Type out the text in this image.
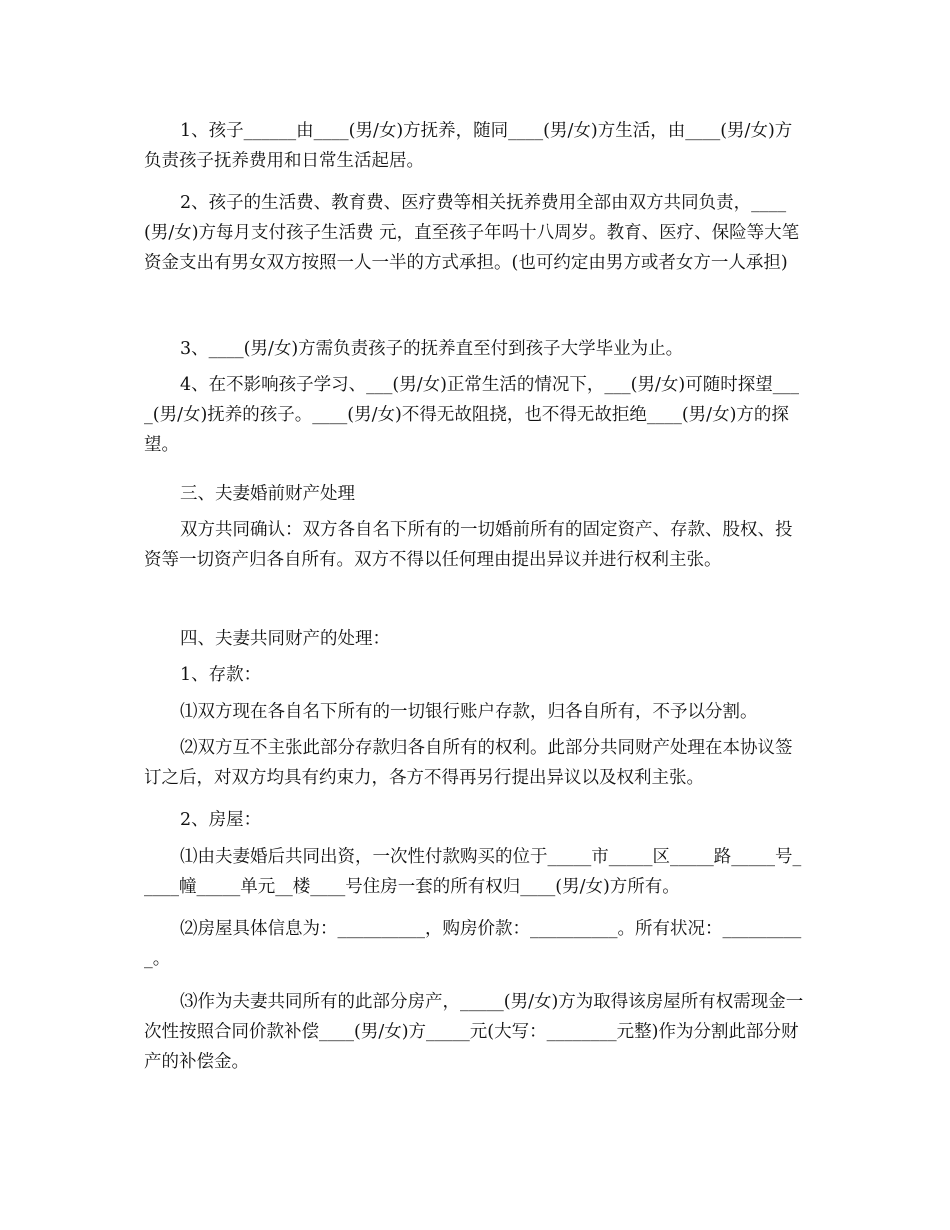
1、孩子______由____(男/女)方抚养，随同____(男/女)方生活，由____(男/女)方负责孩子抚养费用和日常生活起居。

2、孩子的生活费、教育费、医疗费等相关抚养费用全部由双方共同负责，____(男/女)方每月支付孩子生活费 元，直至孩子年吗十八周岁。教育、医疗、保险等大笔资金支出有男女双方按照一人一半的方式承担。(也可约定由男方或者女方一人承担)

3、____(男/女)方需负责孩子的抚养直至付到孩子大学毕业为止。

4、在不影响孩子学习、___(男/女)正常生活的情况下，___(男/女)可随时探望____(男/女)抚养的孩子。____(男/女)不得无故阻挠，也不得无故拒绝____(男/女)方的探望。

三、夫妻婚前财产处理

双方共同确认：双方各自名下所有的一切婚前所有的固定资产、存款、股权、投资等一切资产归各自所有。双方不得以任何理由提出异议并进行权利主张。

四、夫妻共同财产的处理：

1、存款：

⑴双方现在各自名下所有的一切银行账户存款，归各自所有，不予以分割。

⑵双方互不主张此部分存款归各自所有的权利。此部分共同财产处理在本协议签订之后，对双方均具有约束力，各方不得再另行提出异议以及权利主张。

2、房屋：

⑴由夫妻婚后共同出资，一次性付款购买的位于_____市_____区_____路_____号_____幢_____单元__楼____号住房一套的所有权归____(男/女)方所有。

⑵房屋具体信息为：__________，购房价款：__________。所有状况：__________。

⑶作为夫妻共同所有的此部分房产，_____(男/女)方为取得该房屋所有权需现金一次性按照合同价款补偿____(男/女)方_____元(大写：________元整)作为分割此部分财产的补偿金。
